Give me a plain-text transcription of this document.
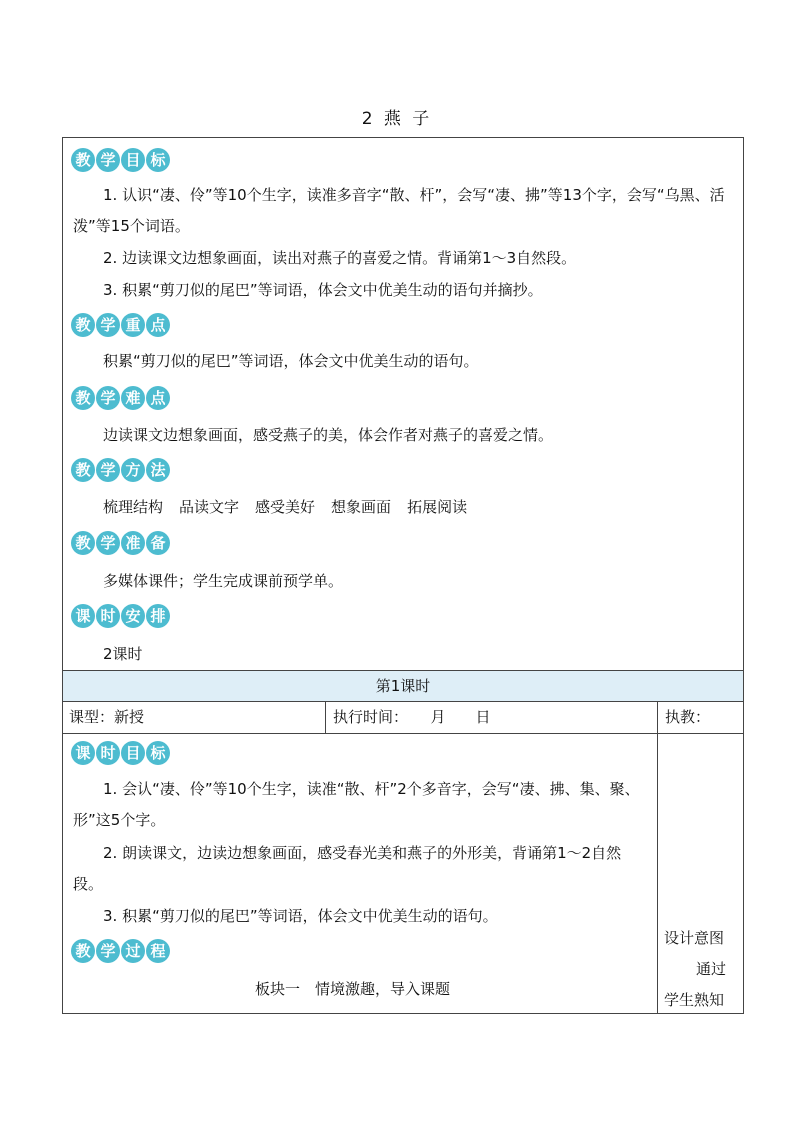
2 燕 子
教 学 目 标
1. 认识“凄、伶”等10个生字，读准多音字“散、杆”，会写“凄、拂”等13个字，会写“乌黑、活泼”等15个词语。
2. 边读课文边想象画面，读出对燕子的喜爱之情。背诵第1～3自然段。
3. 积累“剪刀似的尾巴”等词语，体会文中优美生动的语句并摘抄。
教 学 重 点
积累“剪刀似的尾巴”等词语，体会文中优美生动的语句。
教 学 难 点
边读课文边想象画面，感受燕子的美，体会作者对燕子的喜爱之情。
教 学 方 法
梳理结构 品读文字 感受美好 想象画面 拓展阅读
教 学 准 备
多媒体课件；学生完成课前预学单。
课 时 安 排
2课时
第1课时
课型：新授	执行时间：　　月　　日	执教：
课 时 目 标
1. 会认“凄、伶”等10个生字，读准“散、杆”2个多音字，会写“凄、拂、集、聚、形”这5个字。
2. 朗读课文，边读边想象画面，感受春光美和燕子的外形美，背诵第1～2自然段。
3. 积累“剪刀似的尾巴”等词语，体会文中优美生动的语句。
教 学 过 程
板块一　情境激趣，导入课题
设计意图
通过
学生熟知
